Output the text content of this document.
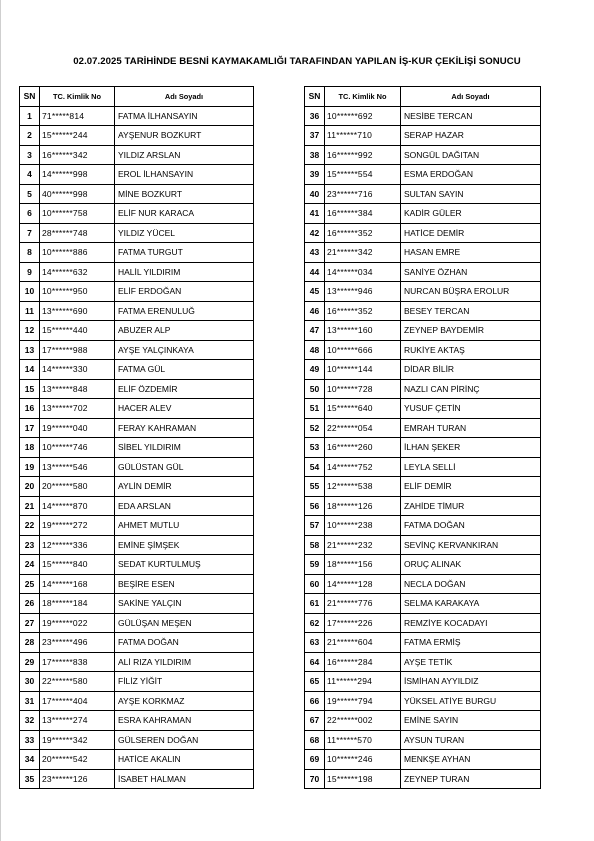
02.07.2025 TARİHİNDE BESNİ KAYMAKAMLIĞI TARAFINDAN YAPILAN İŞ-KUR ÇEKİLİŞİ SONUCU
SN	TC. Kimlik No	Adı Soyadı
1	71*****814	FATMA İLHANSAYIN
2	15******244	AYŞENUR BOZKURT
3	16******342	YILDIZ ARSLAN
4	14******998	EROL İLHANSAYIN
5	40******998	MİNE BOZKURT
6	10******758	ELİF NUR KARACA
7	28******748	YILDIZ YÜCEL
8	10******886	FATMA TURGUT
9	14******632	HALİL YILDIRIM
10	10******950	ELİF ERDOĞAN
11	13******690	FATMA ERENULUĞ
12	15******440	ABUZER ALP
13	17******988	AYŞE YALÇINKAYA
14	14******330	FATMA GÜL
15	13******848	ELİF ÖZDEMİR
16	13******702	HACER ALEV
17	19******040	FERAY KAHRAMAN
18	10******746	SİBEL YILDIRIM
19	13******546	GÜLÜSTAN GÜL
20	20******580	AYLİN DEMİR
21	14******870	EDA ARSLAN
22	19******272	AHMET MUTLU
23	12******336	EMİNE ŞİMŞEK
24	15******840	SEDAT KURTULMUŞ
25	14******168	BEŞİRE ESEN
26	18******184	SAKİNE YALÇIN
27	19******022	GÜLÜŞAN MEŞEN
28	23******496	FATMA DOĞAN
29	17******838	ALİ RIZA YILDIRIM
30	22******580	FİLİZ YİĞİT
31	17******404	AYŞE KORKMAZ
32	13******274	ESRA KAHRAMAN
33	19******342	GÜLSEREN DOĞAN
34	20******542	HATİCE AKALIN
35	23******126	İSABET HALMAN
SN	TC. Kimlik No	Adı Soyadı
36	10******692	NESİBE TERCAN
37	11******710	SERAP HAZAR
38	16******992	SONGÜL DAĞITAN
39	15******554	ESMA ERDOĞAN
40	23******716	SULTAN SAYIN
41	16******384	KADİR GÜLER
42	16******352	HATİCE DEMİR
43	21******342	HASAN EMRE
44	14******034	SANİYE ÖZHAN
45	13******946	NURCAN BÜŞRA EROLUR
46	16******352	BESEY TERCAN
47	13******160	ZEYNEP BAYDEMİR
48	10******666	RUKİYE AKTAŞ
49	10******144	DİDAR BİLİR
50	10******728	NAZLI CAN PİRİNÇ
51	15******640	YUSUF ÇETİN
52	22******054	EMRAH TURAN
53	16******260	İLHAN ŞEKER
54	14******752	LEYLA SELLİ
55	12******538	ELİF DEMİR
56	18******126	ZAHİDE TİMUR
57	10******238	FATMA DOĞAN
58	21******232	SEVİNÇ KERVANKIRAN
59	18******156	ORUÇ ALINAK
60	14******128	NECLA DOĞAN
61	21******776	SELMA KARAKAYA
62	17******226	REMZİYE KOCADAYI
63	21******604	FATMA ERMİŞ
64	16******284	AYŞE TETİK
65	11******294	İSMİHAN AYYILDIZ
66	19******794	YÜKSEL ATİYE BURGU
67	22******002	EMİNE SAYIN
68	11******570	AYSUN TURAN
69	10******246	MENKŞE AYHAN
70	15******198	ZEYNEP TURAN
